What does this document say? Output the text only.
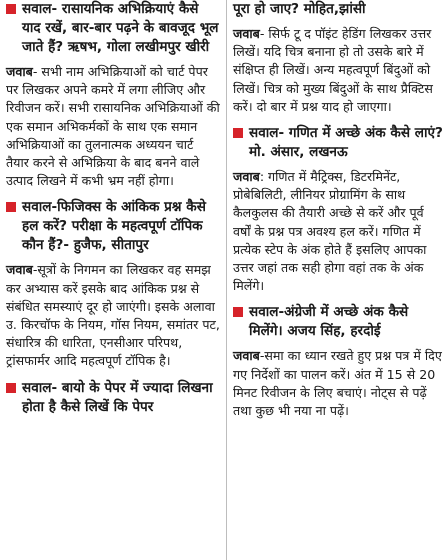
सवाल- रासायनिक अभिक्रियाएं कैसे याद रखें, बार-बार पढ़ने के बावजूद भूल जाते हैं? ऋषभ, गोला लखीमपुर खीरी

जवाब- सभी नाम अभिक्रियाओं को चार्ट पेपर पर लिखकर अपने कमरे में लगा लीजिए और रिवीजन करें। सभी रासायनिक अभिक्रियाओं की एक समान अभिकर्मकों के साथ एक समान अभिक्रियाओं का तुलनात्मक अध्ययन चार्ट तैयार करने से अभिक्रिया के बाद बनने वाले उत्पाद लिखने में कभी भ्रम नहीं होगा।

सवाल-फिजिक्स के आंकिक प्रश्न कैसे हल करें? परीक्षा के महत्वपूर्ण टॉपिक कौन हैं?- हुजैफ, सीतापुर

जवाब-सूत्रों के निगमन का लिखकर वह समझ कर अभ्यास करें इसके बाद आंकिक प्रश्न से संबंधित समस्याएं दूर हो जाएंगी। इसके अलावा उ. किरचॉफ के नियम, गॉस नियम, समांतर पट, संधारित्र की धारिता, एनसीआर परिपथ, ट्रांसफार्मर आदि महत्वपूर्ण टॉपिक है।

सवाल- बायो के पेपर में ज्यादा लिखना होता है कैसे लिखें कि पेपर
पूरा हो जाए? मोहित,झांसी

जवाब- सिर्फ टू द पॉइंट हेडिंग लिखकर उत्तर लिखें। यदि चित्र बनाना हो तो उसके बारे में संक्षिप्त ही लिखें। अन्य महत्वपूर्ण बिंदुओं को लिखें। चित्र को मुख्य बिंदुओं के साथ प्रैक्टिस करें। दो बार में प्रश्न याद हो जाएगा।

सवाल- गणित में अच्छे अंक कैसे लाएं? मो. अंसार, लखनऊ

जवाब: गणित में मैट्रिक्स, डिटरमिनेंट, प्रोबेबिलिटी, लीनियर प्रोग्रामिंग के साथ कैलकुलस की तैयारी अच्छे से करें और पूर्व वर्षों के प्रश्न पत्र अवश्य हल करें। गणित में प्रत्येक स्टेप के अंक होते हैं इसलिए आपका उत्तर जहां तक सही होगा वहां तक के अंक मिलेंगे।

सवाल-अंग्रेजी में अच्छे अंक कैसे मिलेंगे। अजय सिंह, हरदोई

जवाब-समा का ध्यान रखते हुए प्रश्न पत्र में दिए गए निर्देशों का पालन करें। अंत में 15 से 20 मिनट रिवीजन के लिए बचाएं। नोट्स से पढ़ें तथा कुछ भी नया ना पढ़ें।
